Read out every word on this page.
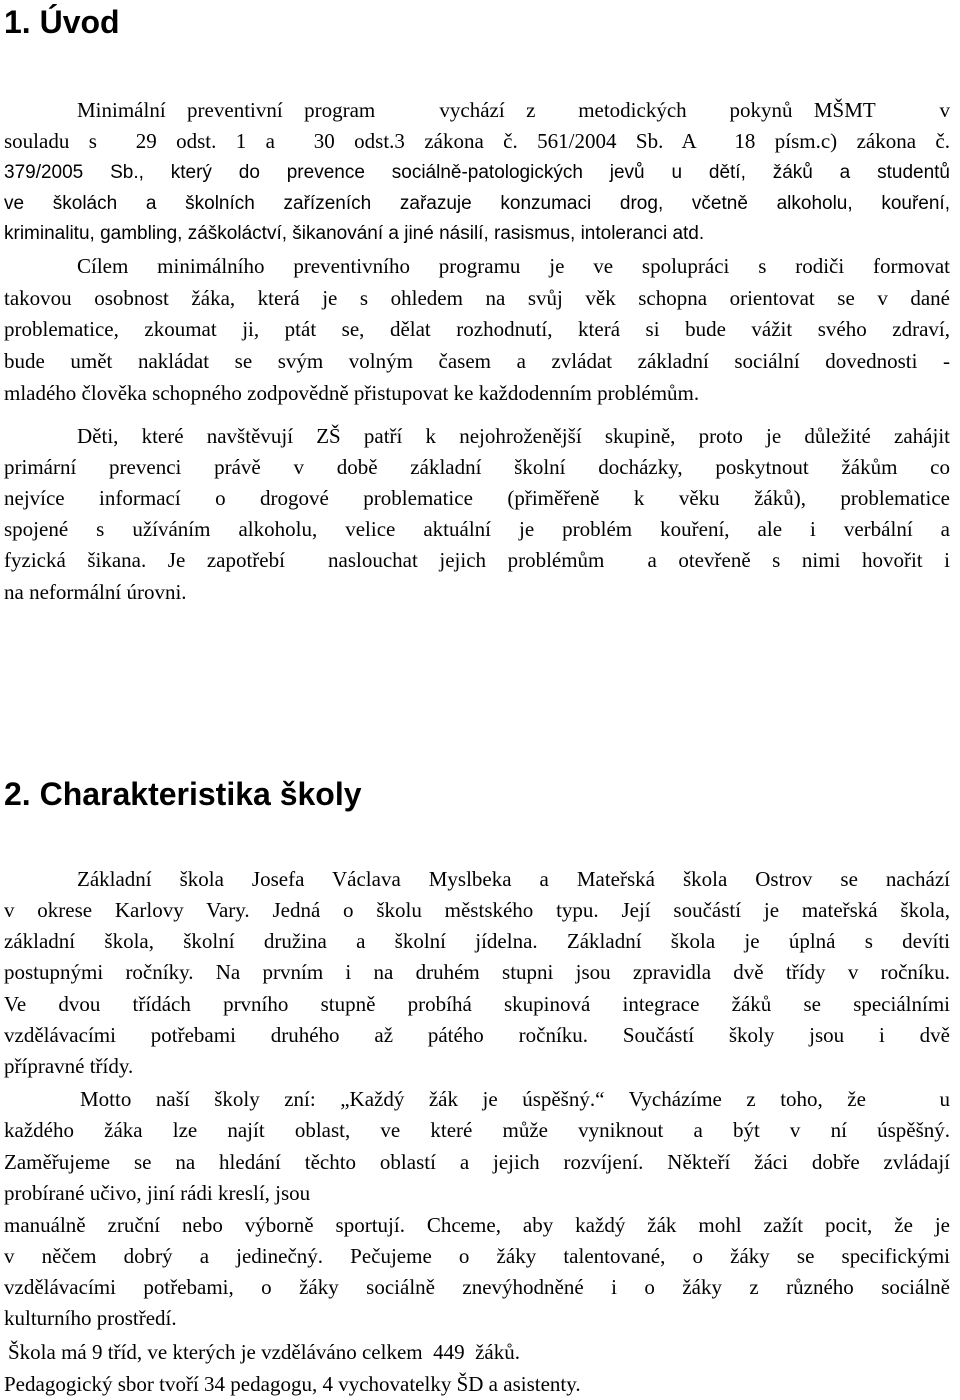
1. Úvod

Minimální preventivní program   vychází z  metodických  pokynů MŠMT   v

souladu s  29 odst. 1 a  30 odst.3 zákona č. 561/2004 Sb. A  18 písm.c) zákona č.

379/2005 Sb., který do prevence sociálně-patologických jevů u dětí, žáků a studentů

ve školách a školních zařízeních zařazuje konzumaci drog, včetně alkoholu, kouření,

kriminalitu, gambling, záškoláctví, šikanování a jiné násilí, rasismus, intoleranci atd.

Cílem minimálního preventivního programu je ve spolupráci s rodiči formovat

takovou osobnost žáka, která je s ohledem na svůj věk schopna orientovat se v dané

problematice, zkoumat ji, ptát se, dělat rozhodnutí, která si bude vážit svého zdraví,

bude umět nakládat se svým volným časem a zvládat základní sociální dovednosti -

mladého člověka schopného zodpovědně přistupovat ke každodenním problémům.

Děti, které navštěvují ZŠ patří k nejohroženější skupině, proto je důležité zahájit

primární prevenci právě v době základní školní docházky, poskytnout žákům co

nejvíce informací o drogové problematice (přiměřeně k věku žáků), problematice

spojené s užíváním alkoholu, velice aktuální je problém kouření, ale i verbální a

fyzická šikana. Je zapotřebí  naslouchat jejich problémům  a otevřeně s nimi hovořit i

na neformální úrovni.

2. Charakteristika školy

Základní škola Josefa Václava Myslbeka a Mateřská škola Ostrov se nachází

v okrese Karlovy Vary. Jedná o školu městského typu. Její součástí je mateřská škola,

základní škola, školní družina a školní jídelna. Základní škola je úplná s devíti

postupnými ročníky. Na prvním i na druhém stupni jsou zpravidla dvě třídy v ročníku.

Ve dvou třídách prvního stupně probíhá skupinová integrace žáků se speciálními

vzdělávacími potřebami druhého až pátého ročníku. Součástí školy jsou i dvě

přípravné třídy.

Motto naší školy zní: „Každý žák je úspěšný.“ Vycházíme z toho, že   u

každého žáka lze najít oblast, ve které může vyniknout a být v ní úspěšný.

Zaměřujeme se na hledání těchto oblastí a jejich rozvíjení. Někteří žáci dobře zvládají

probírané učivo, jiní rádi kreslí, jsou

manuálně zruční nebo výborně sportují. Chceme, aby každý žák mohl zažít pocit, že je

v něčem dobrý a jedinečný. Pečujeme o žáky talentované, o žáky se specifickými

vzdělávacími potřebami, o žáky sociálně znevýhodněné i o žáky z různého sociálně

kulturního prostředí.

Škola má 9 tříd, ve kterých je vzděláváno celkem  449  žáků.

Pedagogický sbor tvoří 34 pedagogu, 4 vychovatelky ŠD a asistenty.
